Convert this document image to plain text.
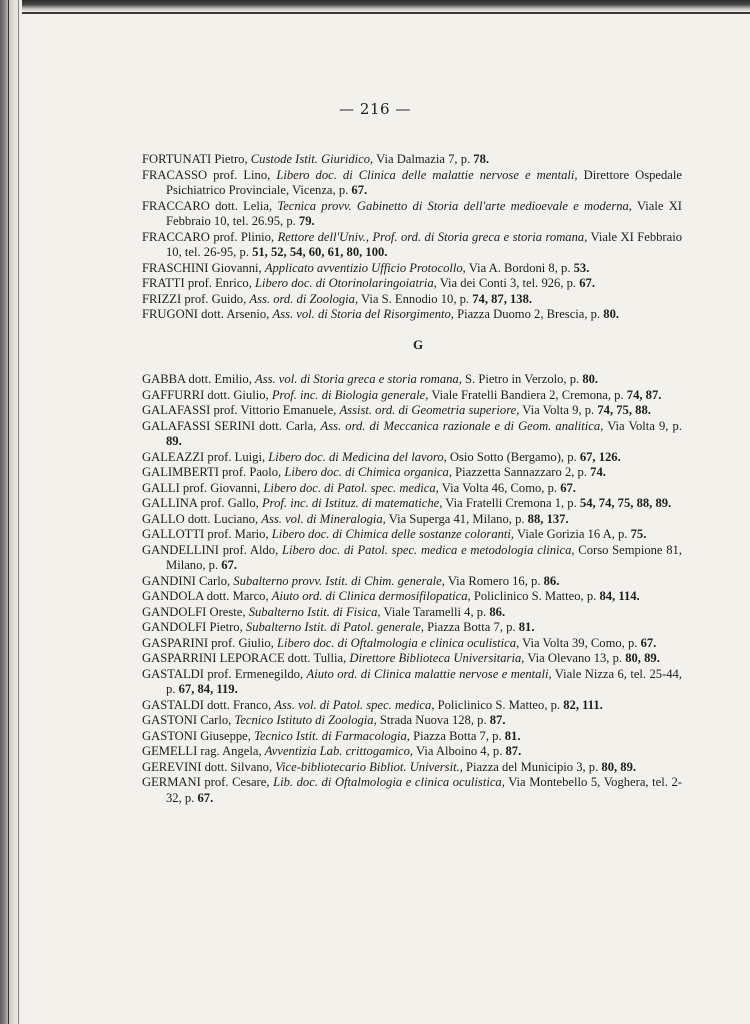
— 216 —

FORTUNATI Pietro, Custode Istit. Giuridico, Via Dalmazia 7, p. 78.

FRACASSO prof. Lino, Libero doc. di Clinica delle malattie nervose e mentali, Direttore Ospedale Psichiatrico Provinciale, Vicenza, p. 67.

FRACCARO dott. Lelia, Tecnica provv. Gabinetto di Storia dell'arte medioevale e moderna, Viale XI Febbraio 10, tel. 26.95, p. 79.

FRACCARO prof. Plinio, Rettore dell'Univ., Prof. ord. di Storia greca e storia romana, Viale XI Febbraio 10, tel. 26-95, p. 51, 52, 54, 60, 61, 80, 100.

FRASCHINI Giovanni, Applicato avventizio Ufficio Protocollo, Via A. Bordoni 8, p. 53.

FRATTI prof. Enrico, Libero doc. di Otorinolaringoiatria, Via dei Conti 3, tel. 926, p. 67.

FRIZZI prof. Guido, Ass. ord. di Zoologia, Via S. Ennodio 10, p. 74, 87, 138.

FRUGONI dott. Arsenio, Ass. vol. di Storia del Risorgimento, Piazza Duomo 2, Brescia, p. 80.

G

GABBA dott. Emilio, Ass. vol. di Storia greca e storia romana, S. Pietro in Verzolo, p. 80.

GAFFURRI dott. Giulio, Prof. inc. di Biologia generale, Viale Fratelli Bandiera 2, Cremona, p. 74, 87.

GALAFASSI prof. Vittorio Emanuele, Assist. ord. di Geometria superiore, Via Volta 9, p. 74, 75, 88.

GALAFASSI SERINI dott. Carla, Ass. ord. di Meccanica razionale e di Geom. analitica, Via Volta 9, p. 89.

GALEAZZI prof. Luigi, Libero doc. di Medicina del lavoro, Osio Sotto (Bergamo), p. 67, 126.

GALIMBERTI prof. Paolo, Libero doc. di Chimica organica, Piazzetta Sannazzaro 2, p. 74.

GALLI prof. Giovanni, Libero doc. di Patol. spec. medica, Via Volta 46, Como, p. 67.

GALLINA prof. Gallo, Prof. inc. di Istituz. di matematiche, Via Fratelli Cremona 1, p. 54, 74, 75, 88, 89.

GALLO dott. Luciano, Ass. vol. di Mineralogia, Via Superga 41, Milano, p. 88, 137.

GALLOTTI prof. Mario, Libero doc. di Chimica delle sostanze coloranti, Viale Gorizia 16 A, p. 75.

GANDELLINI prof. Aldo, Libero doc. di Patol. spec. medica e metodologia clinica, Corso Sempione 81, Milano, p. 67.

GANDINI Carlo, Subalterno provv. Istit. di Chim. generale, Via Romero 16, p. 86.

GANDOLA dott. Marco, Aiuto ord. di Clinica dermosifilopatica, Policlinico S. Matteo, p. 84, 114.

GANDOLFI Oreste, Subalterno Istit. di Fisica, Viale Taramelli 4, p. 86.

GANDOLFI Pietro, Subalterno Istit. di Patol. generale, Piazza Botta 7, p. 81.

GASPARINI prof. Giulio, Libero doc. di Oftalmologia e clinica oculistica, Via Volta 39, Como, p. 67.

GASPARRINI LEPORACE dott. Tullia, Direttore Biblioteca Universitaria, Via Olevano 13, p. 80, 89.

GASTALDI prof. Ermenegildo, Aiuto ord. di Clinica malattie nervose e mentali, Viale Nizza 6, tel. 25-44, p. 67, 84, 119.

GASTALDI dott. Franco, Ass. vol. di Patol. spec. medica, Policlinico S. Matteo, p. 82, 111.

GASTONI Carlo, Tecnico Istituto di Zoologia, Strada Nuova 128, p. 87.

GASTONI Giuseppe, Tecnico Istit. di Farmacologia, Piazza Botta 7, p. 81.

GEMELLI rag. Angela, Avventizia Lab. crittogamico, Via Alboino 4, p. 87.

GEREVINI dott. Silvano, Vice-bibliotecario Bibliot. Universit., Piazza del Municipio 3, p. 80, 89.

GERMANI prof. Cesare, Lib. doc. di Oftalmologia e clinica oculistica, Via Montebello 5, Voghera, tel. 2-32, p. 67.
